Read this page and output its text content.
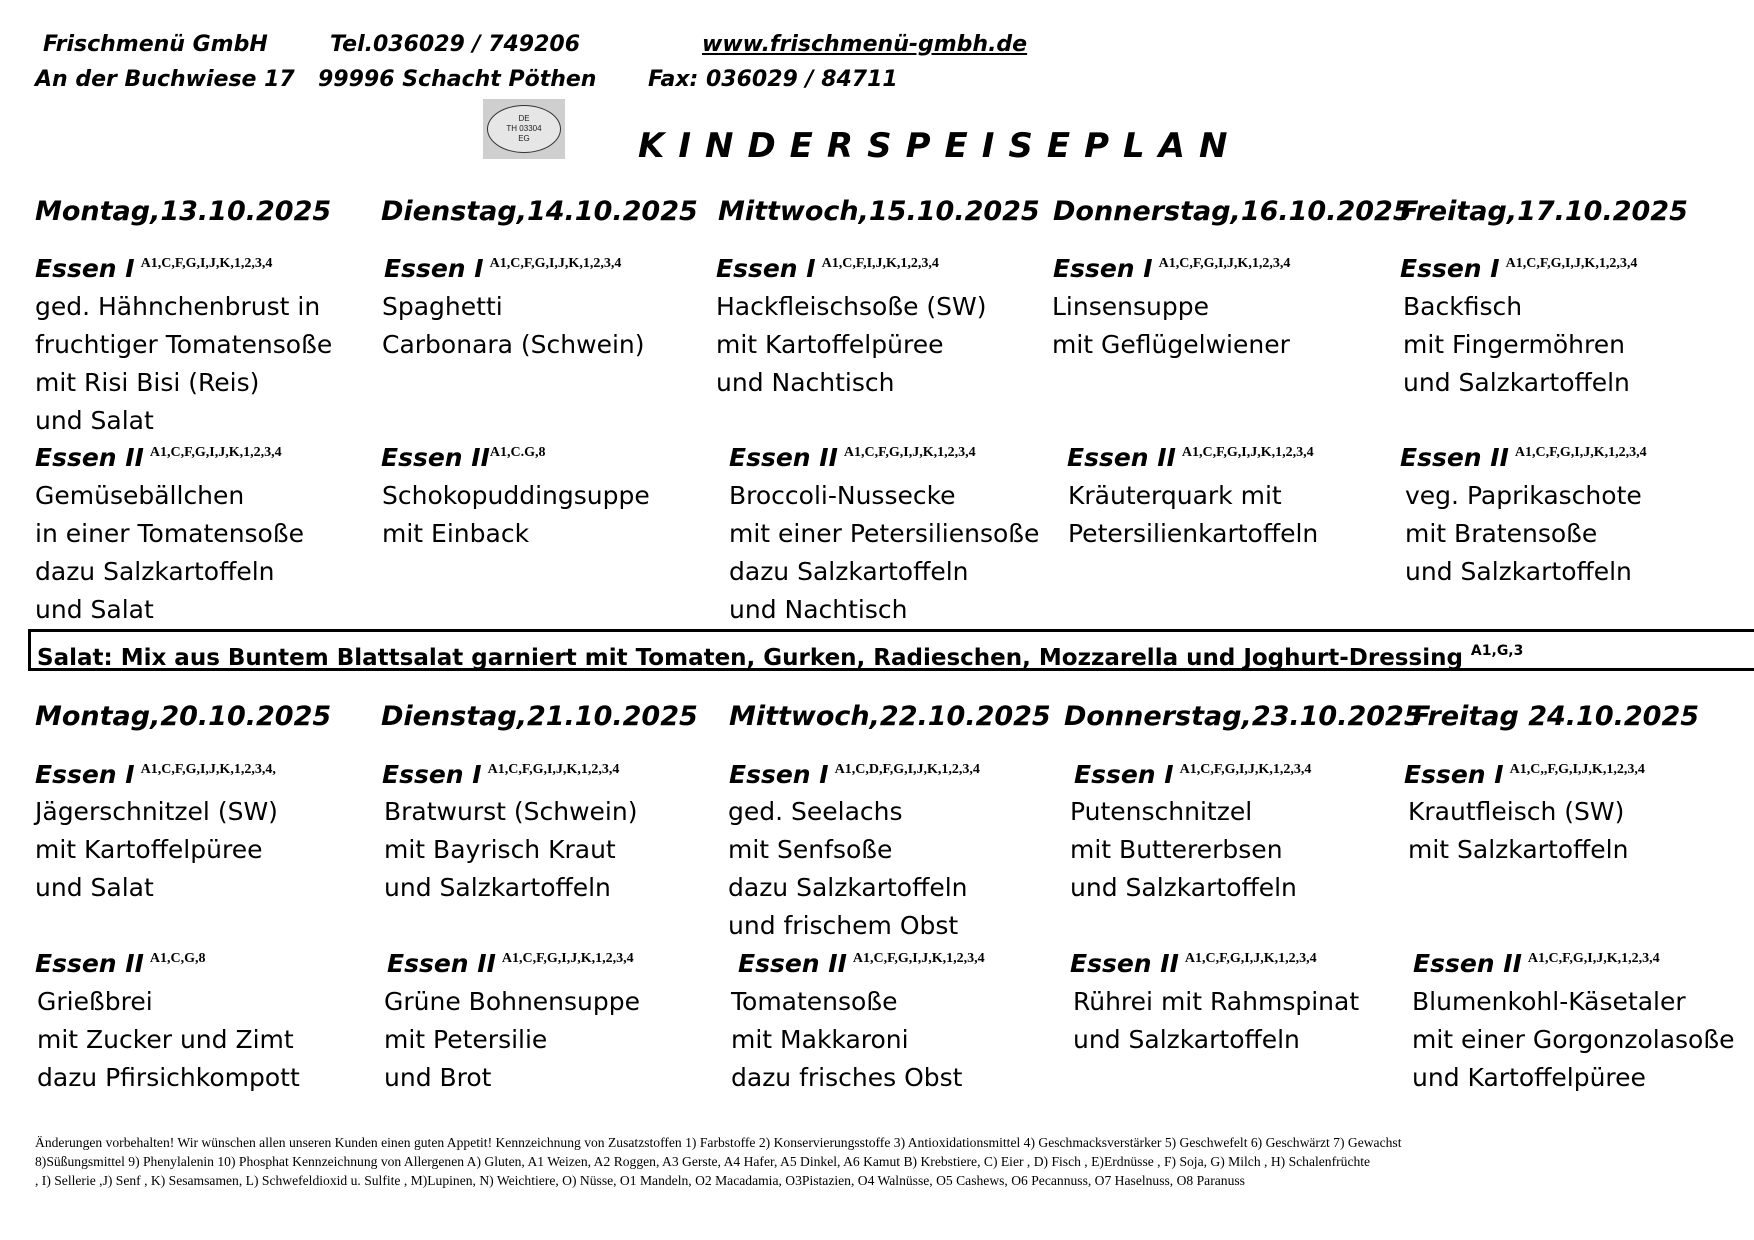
Frischmenü GmbH	Tel.036029 / 749206	www.frischmenü-gmbh.de
An der Buchwiese 17 99996 Schacht Pöthen Fax: 036029 / 84711
DE
TH 03304
EG	KINDERSPEISEPLAN
Montag,13.10.2025
Essen I $^{A1,C,F,G,I,J,K,1,2,3,4}$
ged. Hähnchenbrust in
fruchtiger Tomatensoße
mit Risi Bisi (Reis)
und Salat
Essen II $^{A1,C,F,G,I,J,K,1,2,3,4}$
Gemüsebällchen
in einer Tomatensoße
dazu Salzkartoffeln
und Salat
Dienstag,14.10.2025
Essen I $^{A1,C,F,G,I,J,K,1,2,3,4}$
Spaghetti
Carbonara (Schwein)
Essen $II^{A1,C.G,8}$
Schokopuddingsuppe
mit Einback
Mittwoch,15.10.2025
Essen I $^{A1,C,F,I,J,K,1,2,3,4}$
Hackfleischsoße (SW)
mit Kartoffelpüree
und Nachtisch
Essen II $^{A1,C,F,G,I,J,K,1,2,3,4}$
Broccoli-Nussecke
mit einer Petersiliensoße
dazu Salzkartoffeln
und Nachtisch
Donnerstag,16.10.2025
Essen I $^{A1,C,F,G,I,J,K,1,2,3,4}$
Linsensuppe
mit Geflügelwiener
Essen II $^{A1,C,F,G,I,J,K,1,2,3,4}$
Kräuterquark mit
Petersilienkartoffeln
Freitag,17.10.2025
Essen I $^{A1,C,F,G,I,J,K,1,2,3,4}$
Backfisch
mit Fingermöhren
und Salzkartoffeln
Essen II $^{A1,C,F,G,I,J,K,1,2,3,4}$
veg. Paprikaschote
mit Bratensoße
und Salzkartoffeln
Salat: Mix aus Buntem Blattsalat garniert mit Tomaten, Gurken, Radieschen, Mozzarella und Joghurt-Dressing $^{A1,G,3}$
Montag,20.10.2025
Essen I $^{A1,C,F,G,I,J,K,1,2,3,4,}$
Jägerschnitzel (SW)
mit Kartoffelpüree
und Salat
Essen II $^{A1,C,G,8}$
Grießbrei
mit Zucker und Zimt
dazu Pfirsichkompott
Dienstag,21.10.2025
Essen I $^{A1,C,F,G,I,J,K,1,2,3,4}$
Bratwurst (Schwein)
mit Bayrisch Kraut
und Salzkartoffeln
Essen II $^{A1,C,F,G,I,J,K,1,2,3,4}$
Grüne Bohnensuppe
mit Petersilie
und Brot
Mittwoch,22.10.2025
Essen I $^{A1,C,D,F,G,I,J,K,1,2,3,4}$
ged. Seelachs
mit Senfsoße
dazu Salzkartoffeln
und frischem Obst
Essen II $^{A1,C,F,G,I,J,K,1,2,3,4}$
Tomatensoße
mit Makkaroni
dazu frisches Obst
Donnerstag,23.10.2025
Essen I $^{A1,C,F,G,I,J,K,1,2,3,4}$
Putenschnitzel
mit Buttererbsen
und Salzkartoffeln
Essen II $^{A1,C,F,G,I,J,K,1,2,3,4}$
Rührei mit Rahmspinat
und Salzkartoffeln
Freitag 24.10.2025
Essen I $^{A1,C,,F,G,I,J,K,1,2,3,4}$
Krautfleisch (SW)
mit Salzkartoffeln
Essen II $^{A1,C,F,G,I,J,K,1,2,3,4}$
Blumenkohl-Käsetaler
mit einer Gorgonzolasoße
und Kartoffelpüree
Änderungen vorbehalten! Wir wünschen allen unseren Kunden einen guten Appetit! Kennzeichnung von Zusatzstoffen 1) Farbstoffe 2) Konservierungsstoffe 3) Antioxidationsmittel 4) Geschmacksverstärker 5) Geschwefelt 6) Geschwärzt 7) Gewachst
8)Süßungsmittel 9) Phenylalenin 10) Phosphat Kennzeichnung von Allergenen A) Gluten, A1 Weizen, A2 Roggen, A3 Gerste, A4 Hafer, A5 Dinkel, A6 Kamut B) Krebstiere, C) Eier , D) Fisch , E)Erdnüsse , F) Soja, G) Milch , H) Schalenfrüchte
, I) Sellerie ,J) Senf , K) Sesamsamen, L) Schwefeldioxid u. Sulfite , M)Lupinen, N) Weichtiere, O) Nüsse, O1 Mandeln, O2 Macadamia, O3Pistazien, O4 Walnüsse, O5 Cashews, O6 Pecannuss, O7 Haselnuss, O8 Paranuss
